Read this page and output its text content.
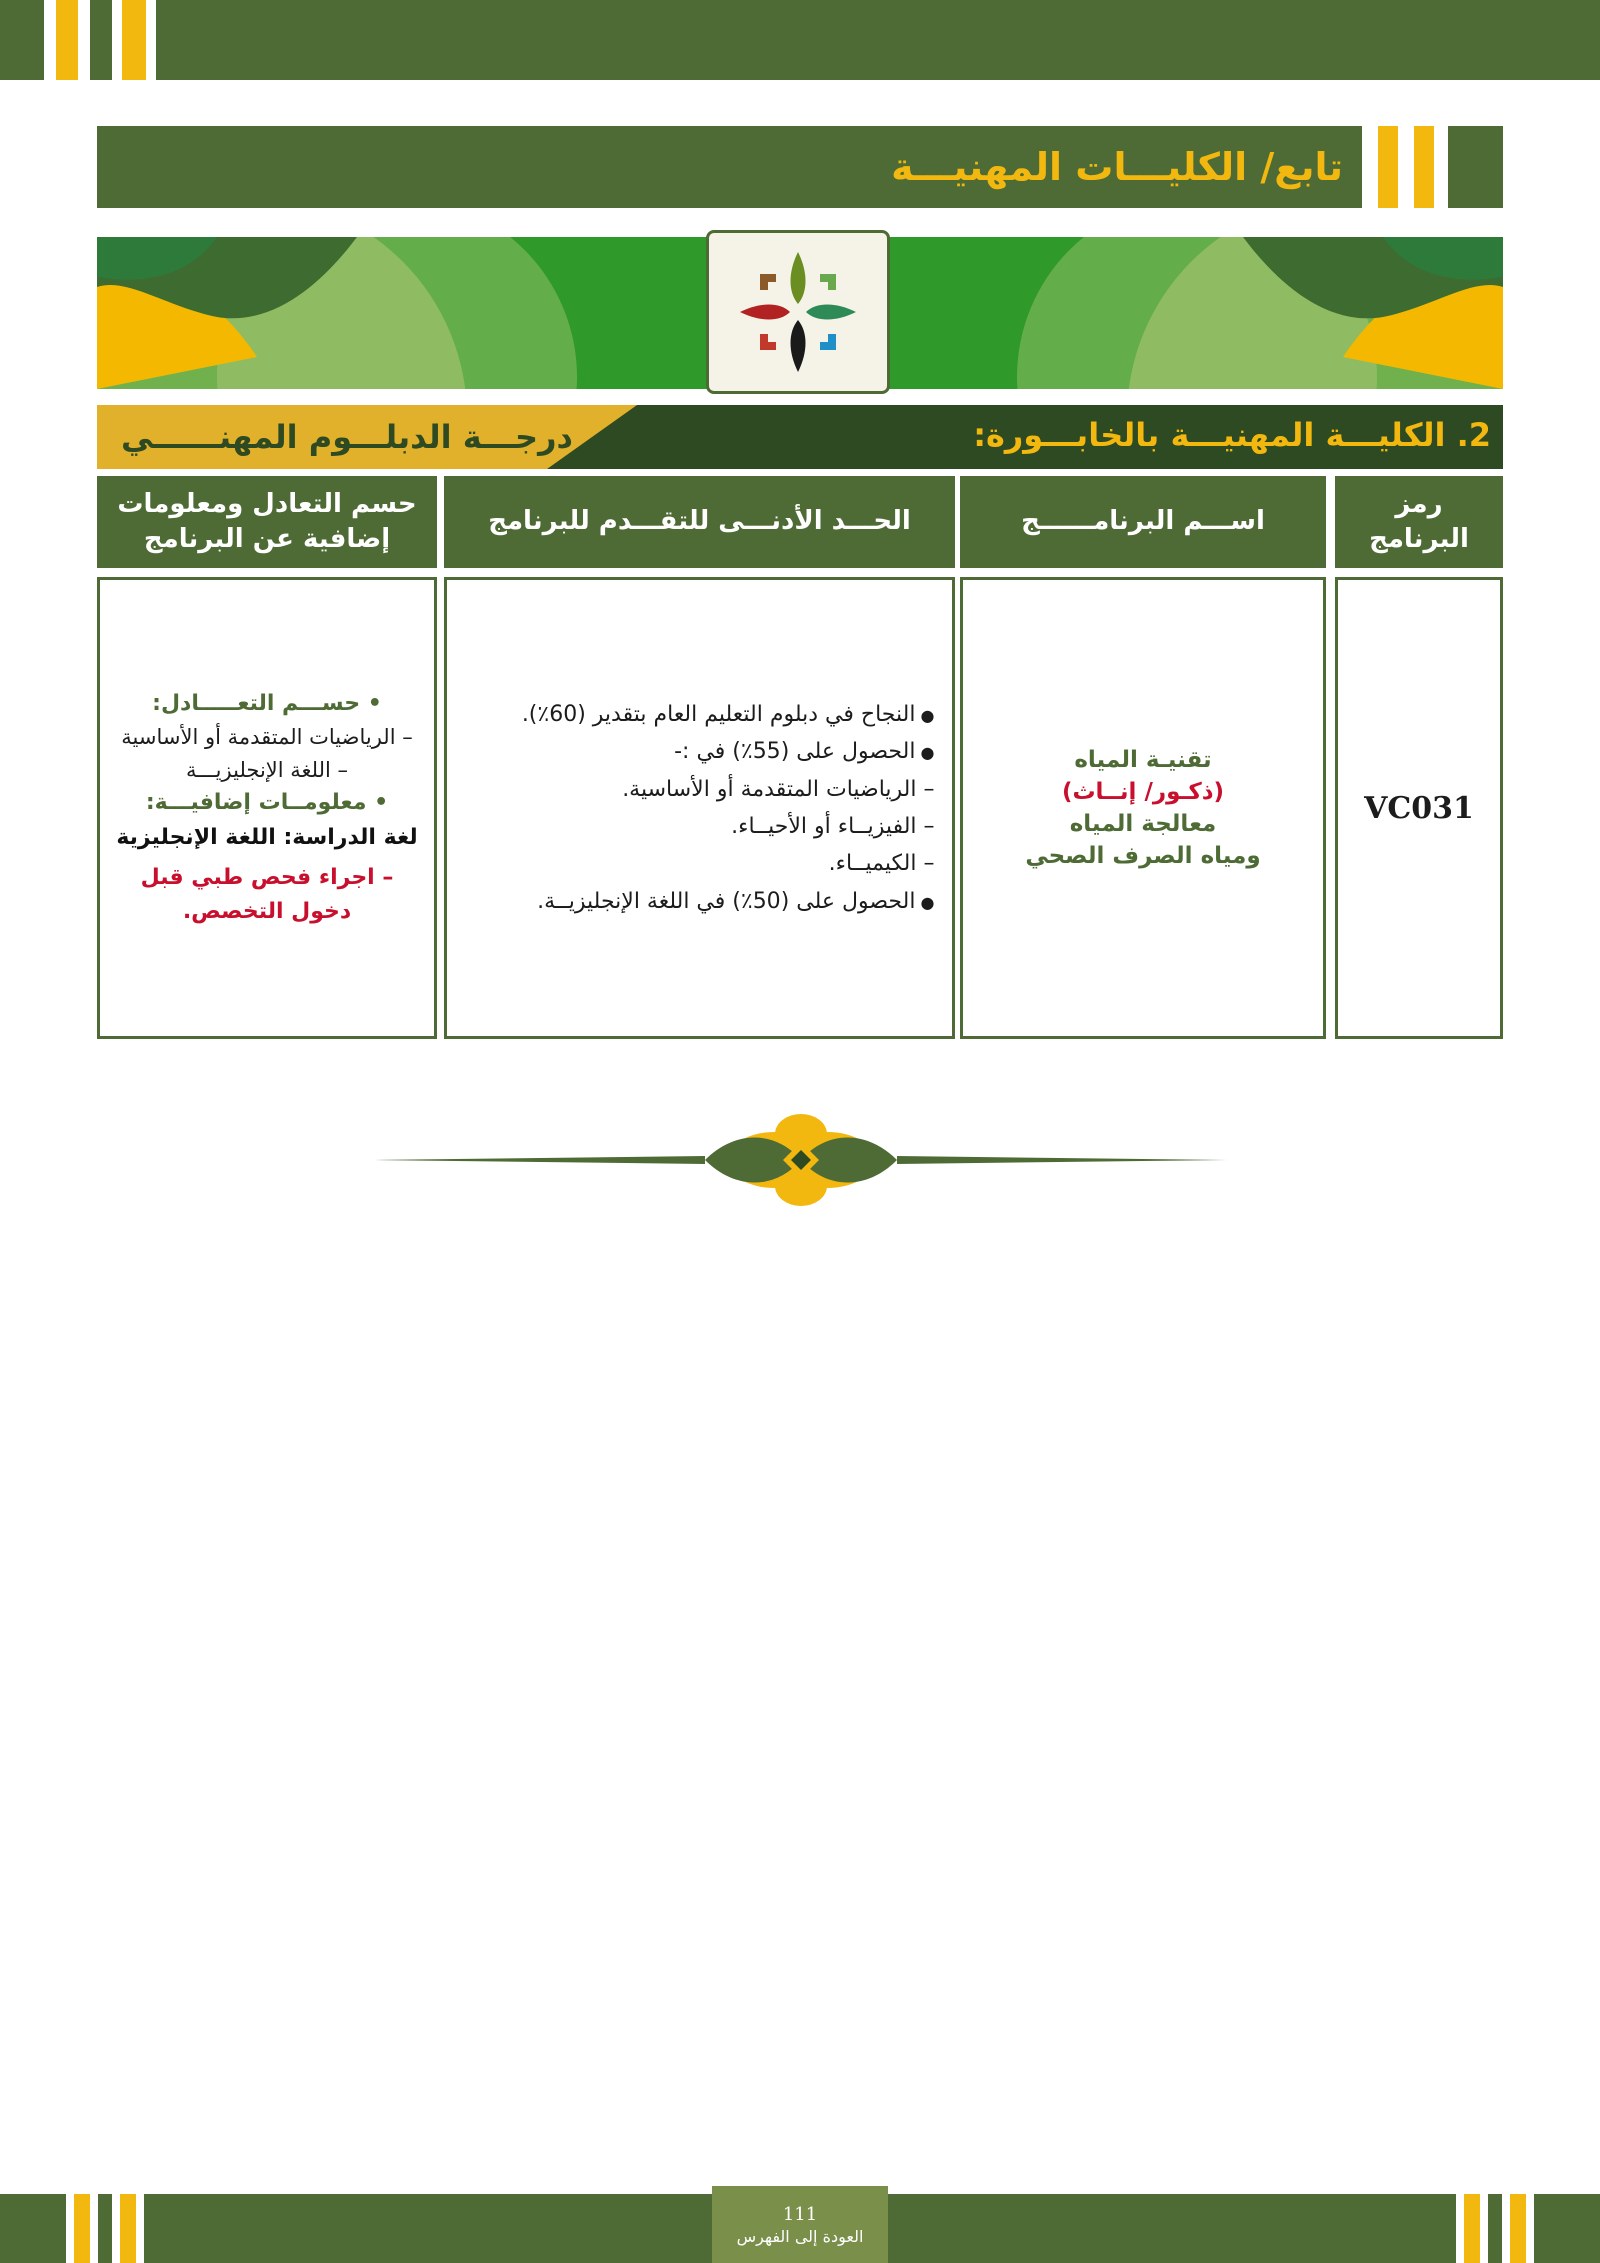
تابع/ الكليـــات المهنيـــة
2. الكليـــة المهنيـــة بالخابـــورة:
درجـــة الدبلـــوم المهنــــــي
رمز البرنامج
اســـم البرنامــــــج
الحـــد الأدنـــى للتقـــدم للبرنامج
حسم التعادل ومعلومات
إضافية عن البرنامج
VC031
تقنيـة المياه
(ذكـور/ إنــاث)
معالجة المياه
ومياه الصرف الصحي
● النجاح في دبلوم التعليم العام بتقدير (60٪).
● الحصول على (55٪) في :-
– الرياضيات المتقدمة أو الأساسية.
– الفيزيــاء أو الأحيــاء.
– الكيميــاء.
● الحصول على (50٪) في اللغة الإنجليزيــة.
• حســـم التعـــــادل:
– الرياضيات المتقدمة أو الأساسية
– اللغة الإنجليزيـــة
• معلومــات إضافيـــة:
لغة الدراسة: اللغة الإنجليزية
– اجراء فحص طبي قبل
دخول التخصص.
111
العودة إلى الفهرس
